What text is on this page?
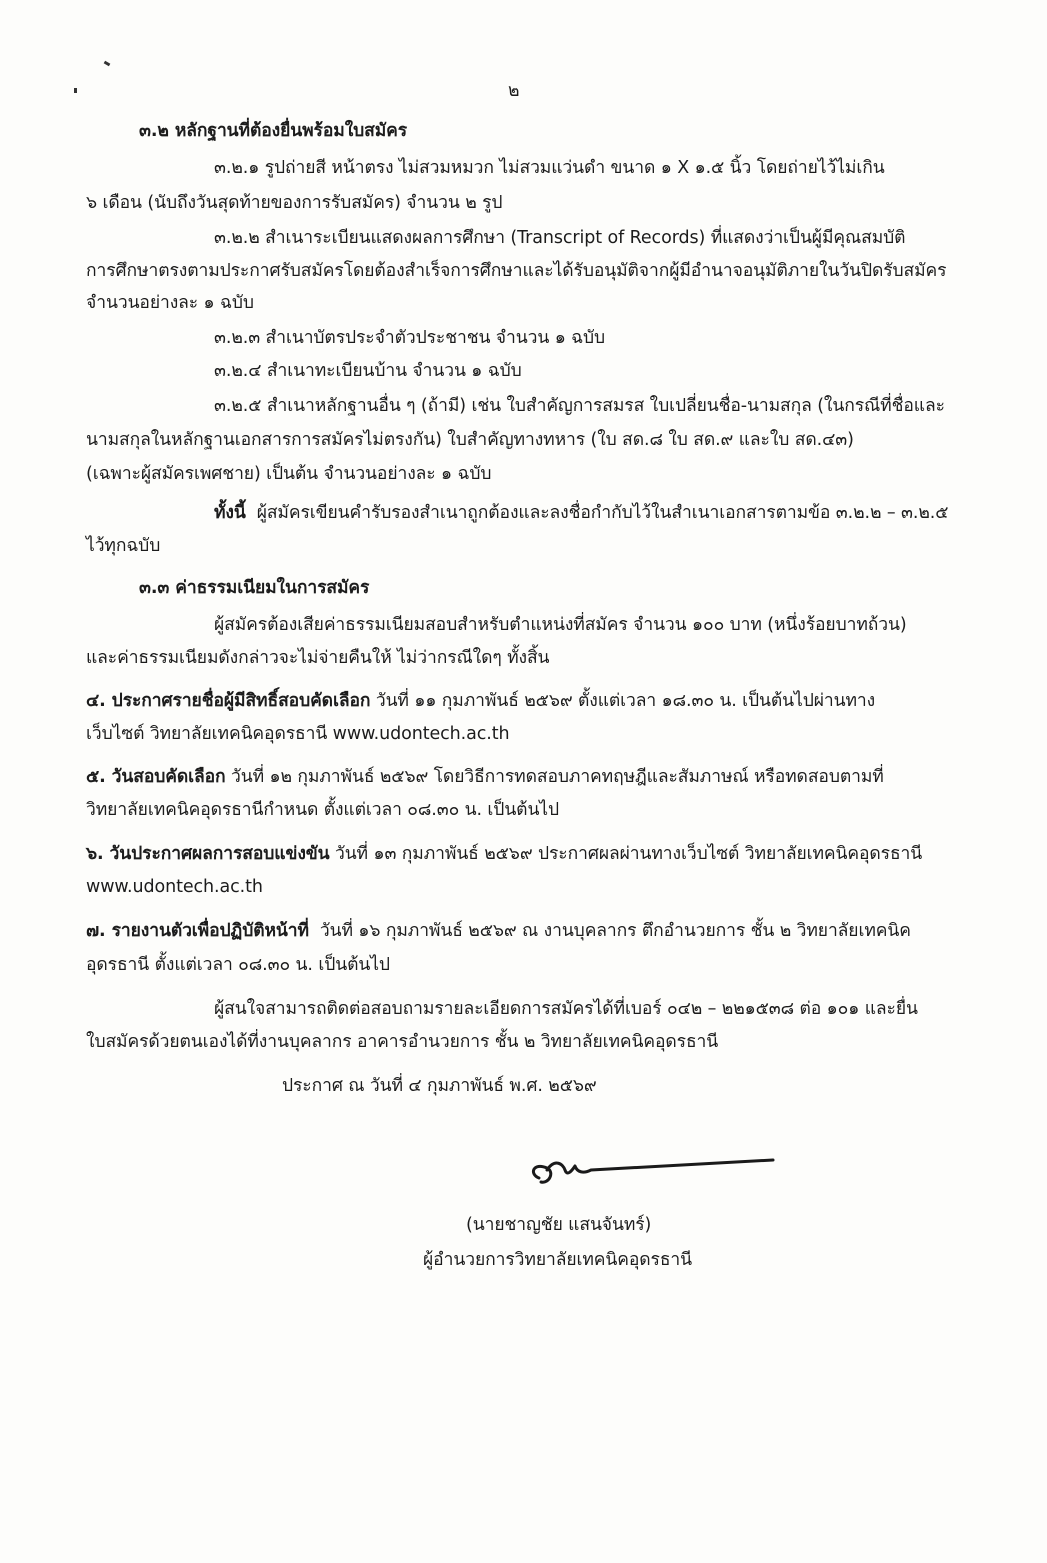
๒
๓.๒ หลักฐานที่ต้องยื่นพร้อมใบสมัคร
๓.๒.๑ รูปถ่ายสี หน้าตรง ไม่สวมหมวก ไม่สวมแว่นดำ ขนาด ๑ X ๑.๕ นิ้ว โดยถ่ายไว้ไม่เกิน
๖ เดือน (นับถึงวันสุดท้ายของการรับสมัคร) จำนวน ๒ รูป
๓.๒.๒ สำเนาระเบียนแสดงผลการศึกษา (Transcript of Records) ที่แสดงว่าเป็นผู้มีคุณสมบัติ
การศึกษาตรงตามประกาศรับสมัครโดยต้องสำเร็จการศึกษาและได้รับอนุมัติจากผู้มีอำนาจอนุมัติภายในวันปิดรับสมัคร
จำนวนอย่างละ ๑ ฉบับ
๓.๒.๓ สำเนาบัตรประจำตัวประชาชน จำนวน ๑ ฉบับ
๓.๒.๔ สำเนาทะเบียนบ้าน จำนวน ๑ ฉบับ
๓.๒.๕ สำเนาหลักฐานอื่น ๆ (ถ้ามี) เช่น ใบสำคัญการสมรส ใบเปลี่ยนชื่อ-นามสกุล (ในกรณีที่ชื่อและ
นามสกุลในหลักฐานเอกสารการสมัครไม่ตรงกัน) ใบสำคัญทางทหาร (ใบ สด.๘ ใบ สด.๙ และใบ สด.๔๓)
(เฉพาะผู้สมัครเพศชาย) เป็นต้น จำนวนอย่างละ ๑ ฉบับ
ทั้งนี้ ผู้สมัครเขียนคำรับรองสำเนาถูกต้องและลงชื่อกำกับไว้ในสำเนาเอกสารตามข้อ ๓.๒.๒ – ๓.๒.๕
ไว้ทุกฉบับ
๓.๓ ค่าธรรมเนียมในการสมัคร
ผู้สมัครต้องเสียค่าธรรมเนียมสอบสำหรับตำแหน่งที่สมัคร จำนวน ๑๐๐ บาท (หนึ่งร้อยบาทถ้วน)
และค่าธรรมเนียมดังกล่าวจะไม่จ่ายคืนให้ ไม่ว่ากรณีใดๆ ทั้งสิ้น
๔. ประกาศรายชื่อผู้มีสิทธิ์สอบคัดเลือก วันที่ ๑๑ กุมภาพันธ์ ๒๕๖๙ ตั้งแต่เวลา ๑๘.๓๐ น. เป็นต้นไปผ่านทาง
เว็บไซต์ วิทยาลัยเทคนิคอุดรธานี www.udontech.ac.th
๕. วันสอบคัดเลือก วันที่ ๑๒ กุมภาพันธ์ ๒๕๖๙ โดยวิธีการทดสอบภาคทฤษฎีและสัมภาษณ์ หรือทดสอบตามที่
วิทยาลัยเทคนิคอุดรธานีกำหนด ตั้งแต่เวลา ๐๘.๓๐ น. เป็นต้นไป
๖. วันประกาศผลการสอบแข่งขัน วันที่ ๑๓ กุมภาพันธ์ ๒๕๖๙ ประกาศผลผ่านทางเว็บไซต์ วิทยาลัยเทคนิคอุดรธานี
www.udontech.ac.th
๗. รายงานตัวเพื่อปฏิบัติหน้าที่ วันที่ ๑๖ กุมภาพันธ์ ๒๕๖๙ ณ งานบุคลากร ตึกอำนวยการ ชั้น ๒ วิทยาลัยเทคนิค
อุดรธานี ตั้งแต่เวลา ๐๘.๓๐ น. เป็นต้นไป
ผู้สนใจสามารถติดต่อสอบถามรายละเอียดการสมัครได้ที่เบอร์ ๐๔๒ – ๒๒๑๕๓๘ ต่อ ๑๐๑ และยื่น
ใบสมัครด้วยตนเองได้ที่งานบุคลากร อาคารอำนวยการ ชั้น ๒ วิทยาลัยเทคนิคอุดรธานี
ประกาศ ณ วันที่ ๔ กุมภาพันธ์ พ.ศ. ๒๕๖๙
(นายชาญชัย แสนจันทร์)
ผู้อำนวยการวิทยาลัยเทคนิคอุดรธานี
